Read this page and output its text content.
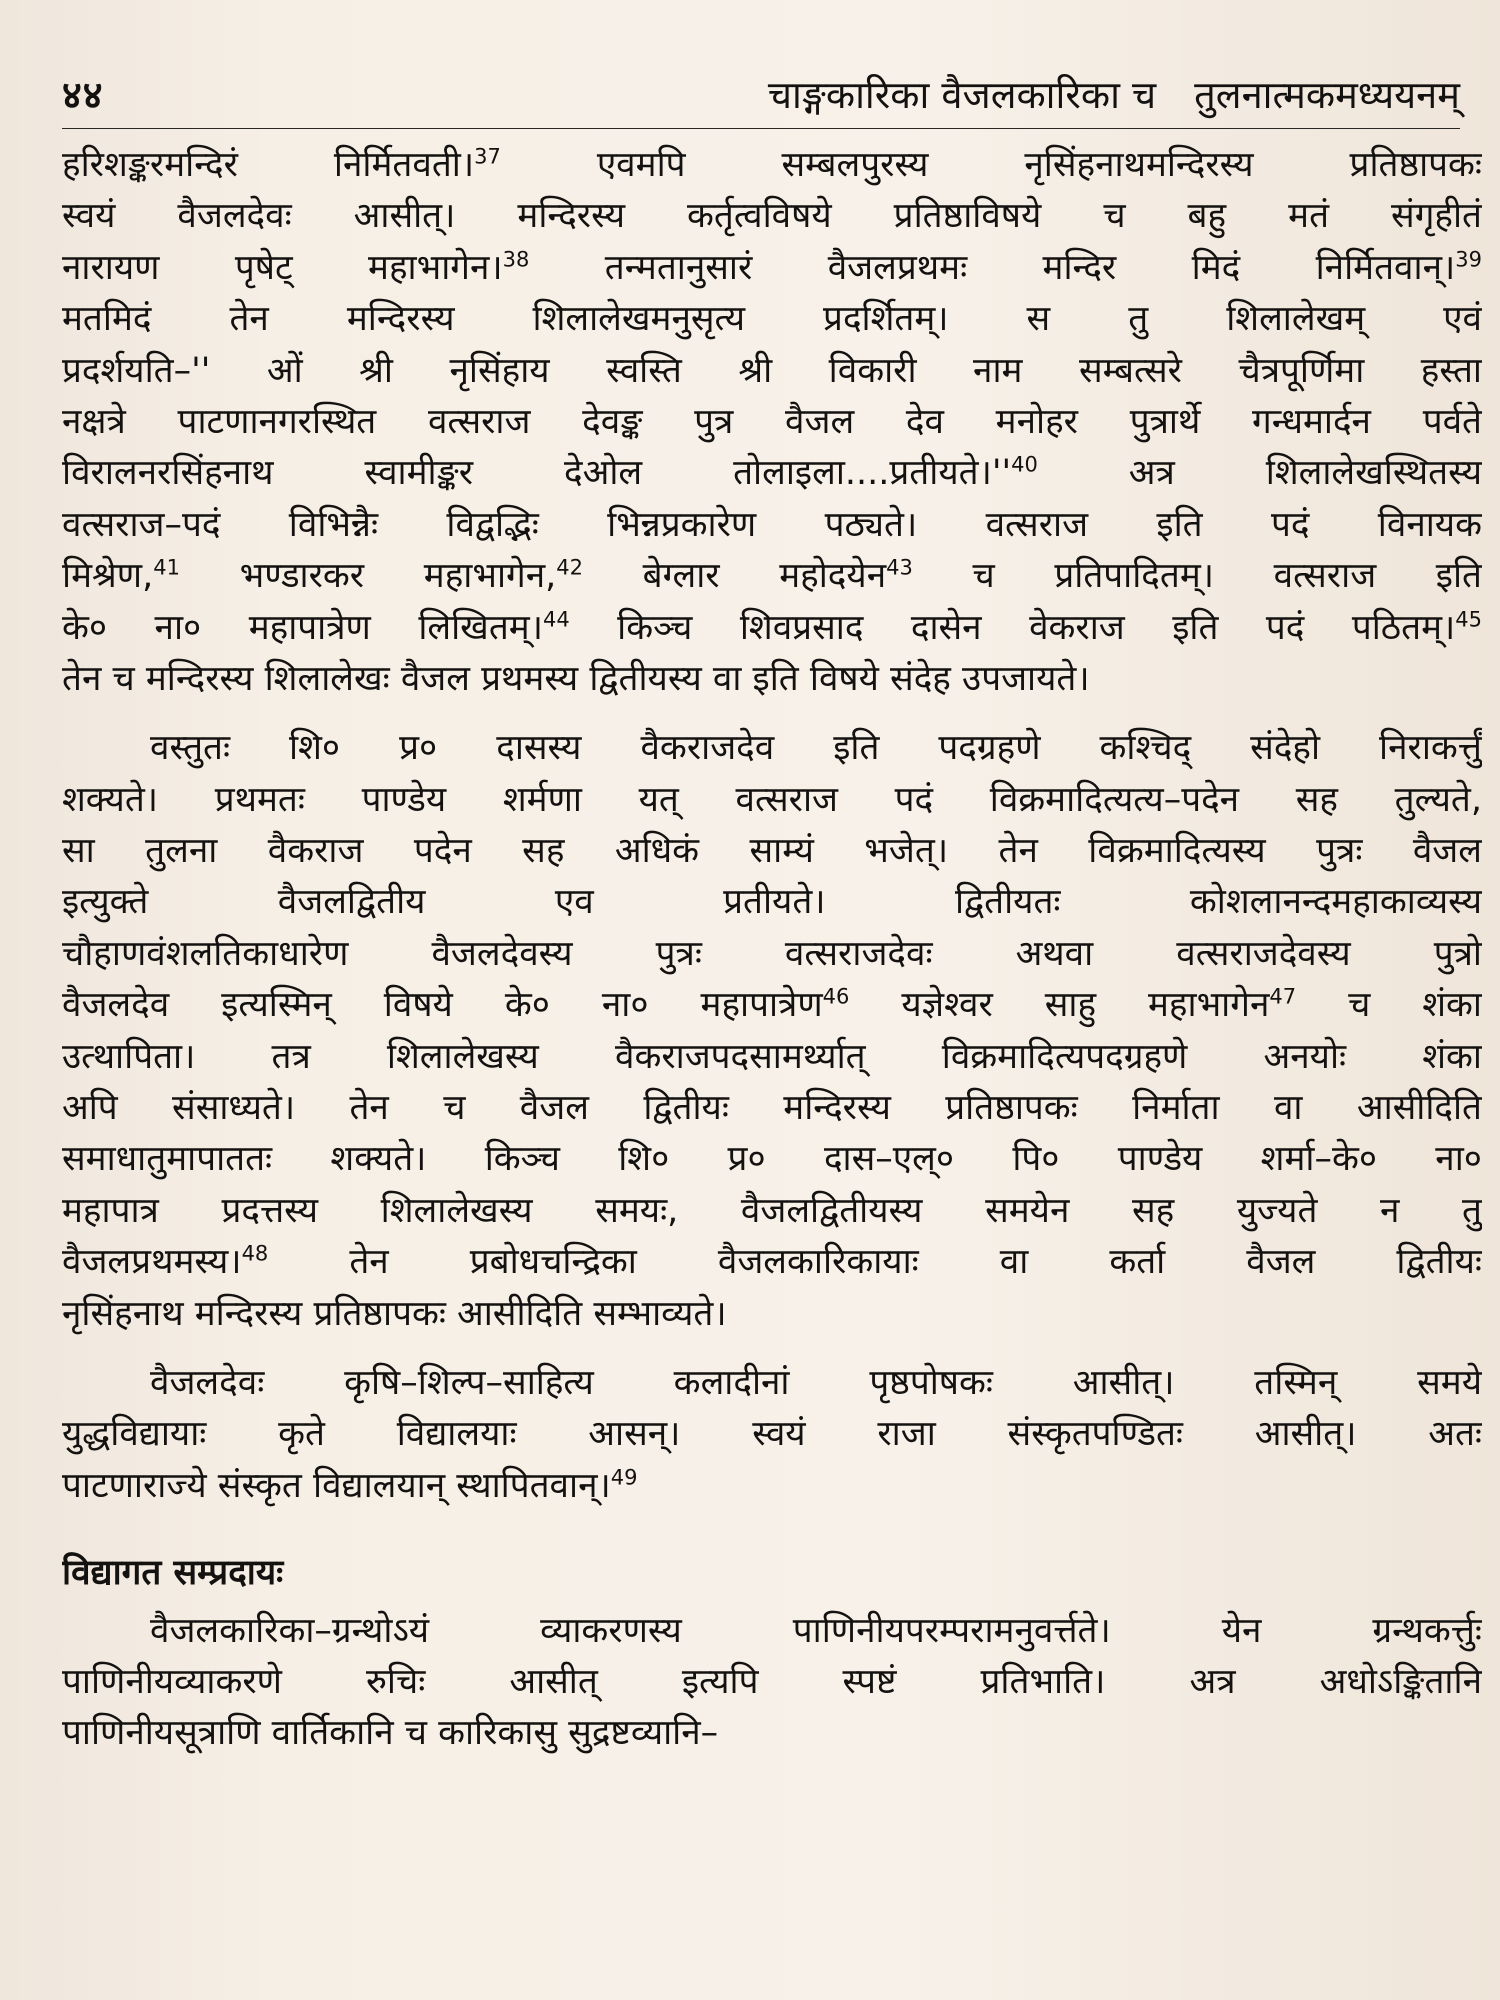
४४	चाङ्गकारिका वैजलकारिका च तुलनात्मकमध्ययनम्
हरिशङ्करमन्दिरं निर्मितवती।$^{37}$ एवमपि सम्बलपुरस्य नृसिंहनाथमन्दिरस्य प्रतिष्ठापकः
स्वयं वैजलदेवः आसीत्। मन्दिरस्य कर्तृत्वविषये प्रतिष्ठाविषये च बहु मतं संगृहीतं
नारायण पृषेट् महाभागेन।$^{38}$ तन्मतानुसारं वैजलप्रथमः मन्दिर मिदं निर्मितवान्।$^{39}$
मतमिदं तेन मन्दिरस्य शिलालेखमनुसृत्य प्रदर्शितम्। स तु शिलालेखम् एवं
प्रदर्शयति–'' ओं श्री नृसिंहाय स्वस्ति श्री विकारी नाम सम्बत्सरे चैत्रपूर्णिमा हस्ता
नक्षत्रे पाटणानगरस्थित वत्सराज देवङ्क पुत्र वैजल देव मनोहर पुत्रार्थे गन्धमार्दन पर्वते
विरालनरसिंहनाथ स्वामीङ्कर देओल $तोलाइला....प्रतीयते।''^{40}$ अत्र शिलालेखस्थितस्य
वत्सराज–पदं विभिन्नैः विद्वद्भिः भिन्नप्रकारेण पठ्यते। वत्सराज इति पदं विनायक
मिश्रेण,$^{41}$ भण्डारकर महाभागेन,$^{42}$ बेग्लार महोदयेन$^{43}$ च प्रतिपादितम्। वत्सराज इति
के० ना० महापात्रेण लिखितम्।$^{44}$ किञ्च शिवप्रसाद दासेन वेकराज इति पदं पठितम्।$^{45}$
तेन च मन्दिरस्य शिलालेखः वैजल प्रथमस्य द्वितीयस्य वा इति विषये संदेह उपजायते।
वस्तुतः शि० प्र० दासस्य वैकराजदेव इति पदग्रहणे कश्चिद् संदेहो निराकर्त्तुं
शक्यते। प्रथमतः पाण्डेय शर्मणा यत् वत्सराज पदं विक्रमादित्यत्य–पदेन सह तुल्यते,
सा तुलना वैकराज पदेन सह अधिकं साम्यं भजेत्। तेन विक्रमादित्यस्य पुत्रः वैजल
इत्युक्ते वैजलद्वितीय एव प्रतीयते। द्वितीयतः कोशलानन्दमहाकाव्यस्य
चौहाणवंशलतिकाधारेण वैजलदेवस्य पुत्रः वत्सराजदेवः अथवा वत्सराजदेवस्य पुत्रो
वैजलदेव इत्यस्मिन् विषये के० ना० महापात्रेण$^{46}$ यज्ञेश्वर साहु महाभागेन$^{47}$ च शंका
उत्थापिता। तत्र शिलालेखस्य वैकराजपदसामर्थ्यात् विक्रमादित्यपदग्रहणे अनयोः शंका
अपि संसाध्यते। तेन च वैजल द्वितीयः मन्दिरस्य प्रतिष्ठापकः निर्माता वा आसीदिति
समाधातुमापाततः शक्यते। किञ्च शि० प्र० दास–एल्० पि० पाण्डेय शर्मा–के० ना०
महापात्र प्रदत्तस्य शिलालेखस्य समयः, वैजलद्वितीयस्य समयेन सह युज्यते न तु
वैजलप्रथमस्य।$^{48}$ तेन प्रबोधचन्द्रिका वैजलकारिकायाः वा कर्ता वैजल द्वितीयः
नृसिंहनाथ मन्दिरस्य प्रतिष्ठापकः आसीदिति सम्भाव्यते।
वैजलदेवः कृषि–शिल्प–साहित्य कलादीनां पृष्ठपोषकः आसीत्। तस्मिन् समये
युद्धविद्यायाः कृते विद्यालयाः आसन्। स्वयं राजा संस्कृतपण्डितः आसीत्। अतः
पाटणाराज्ये संस्कृत विद्यालयान् स्थापितवान्।$^{49}$
विद्यागत सम्प्रदायः
वैजलकारिका–ग्रन्थोऽयं व्याकरणस्य पाणिनीयपरम्परामनुवर्त्तते। येन ग्रन्थकर्त्तुः
पाणिनीयव्याकरणे रुचिः आसीत् इत्यपि स्पष्टं प्रतिभाति। अत्र अधोऽङ्कितानि
पाणिनीयसूत्राणि वार्तिकानि च कारिकासु सुद्रष्टव्यानि–
